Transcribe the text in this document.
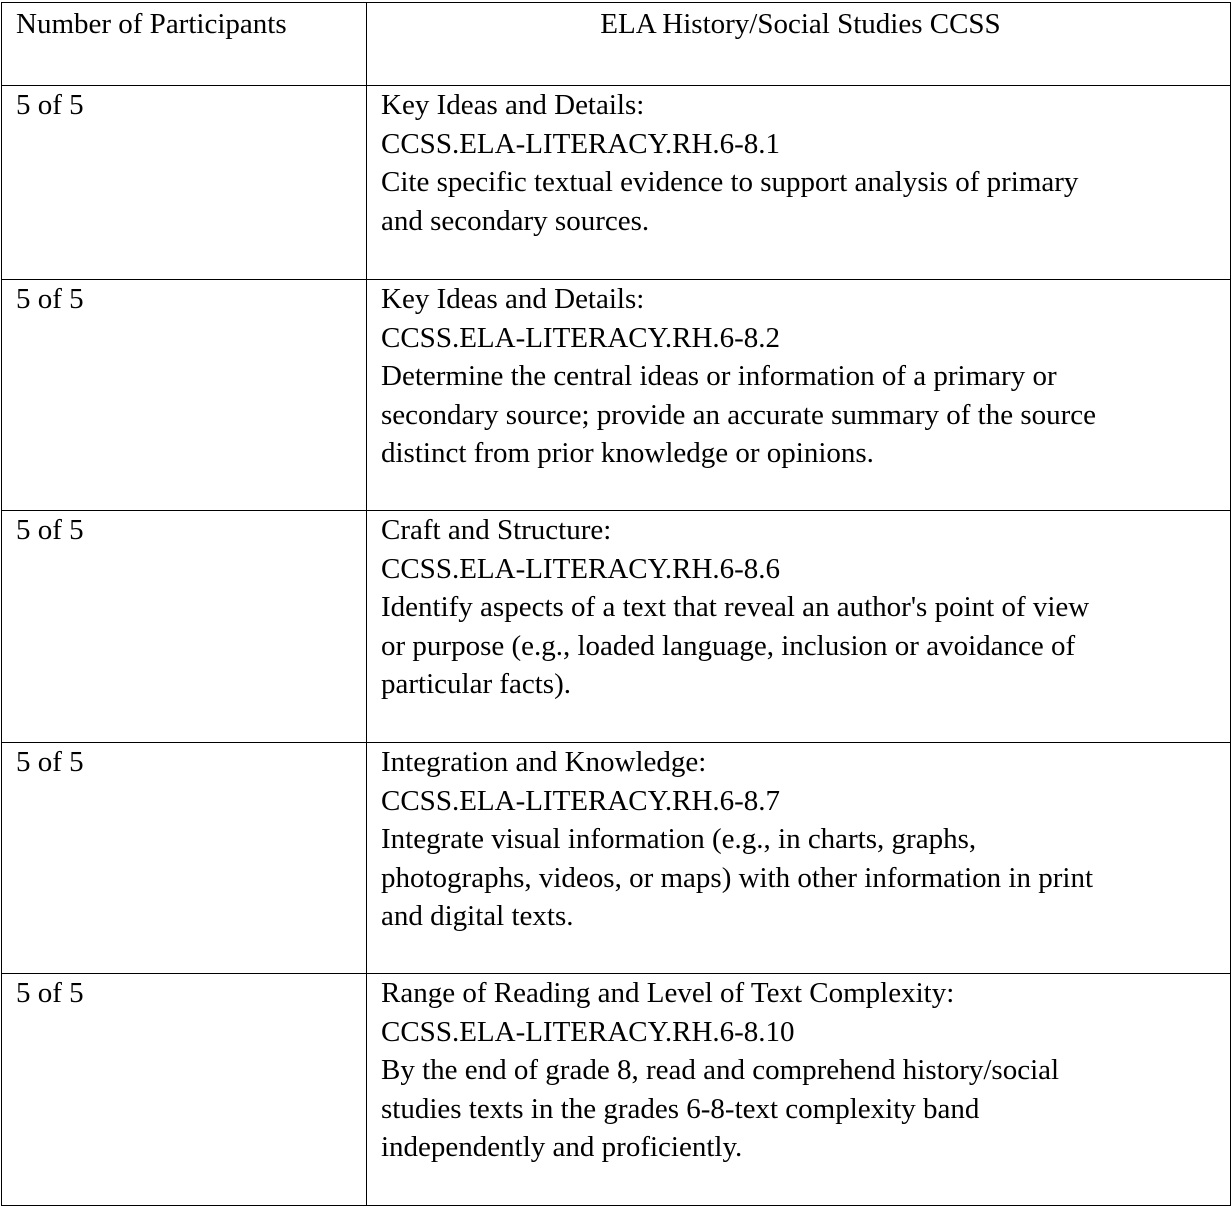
Number of Participants	ELA History/Social Studies CCSS

5 of 5	Key Ideas and Details:
CCSS.ELA-LITERACY.RH.6-8.1
Cite specific textual evidence to support analysis of primary
and secondary sources.

5 of 5	Key Ideas and Details:
CCSS.ELA-LITERACY.RH.6-8.2
Determine the central ideas or information of a primary or
secondary source; provide an accurate summary of the source
distinct from prior knowledge or opinions.

5 of 5	Craft and Structure:
CCSS.ELA-LITERACY.RH.6-8.6
Identify aspects of a text that reveal an author's point of view
or purpose (e.g., loaded language, inclusion or avoidance of
particular facts).

5 of 5	Integration and Knowledge:
CCSS.ELA-LITERACY.RH.6-8.7
Integrate visual information (e.g., in charts, graphs,
photographs, videos, or maps) with other information in print
and digital texts.

5 of 5	Range of Reading and Level of Text Complexity:
CCSS.ELA-LITERACY.RH.6-8.10
By the end of grade 8, read and comprehend history/social
studies texts in the grades 6-8-text complexity band
independently and proficiently.
